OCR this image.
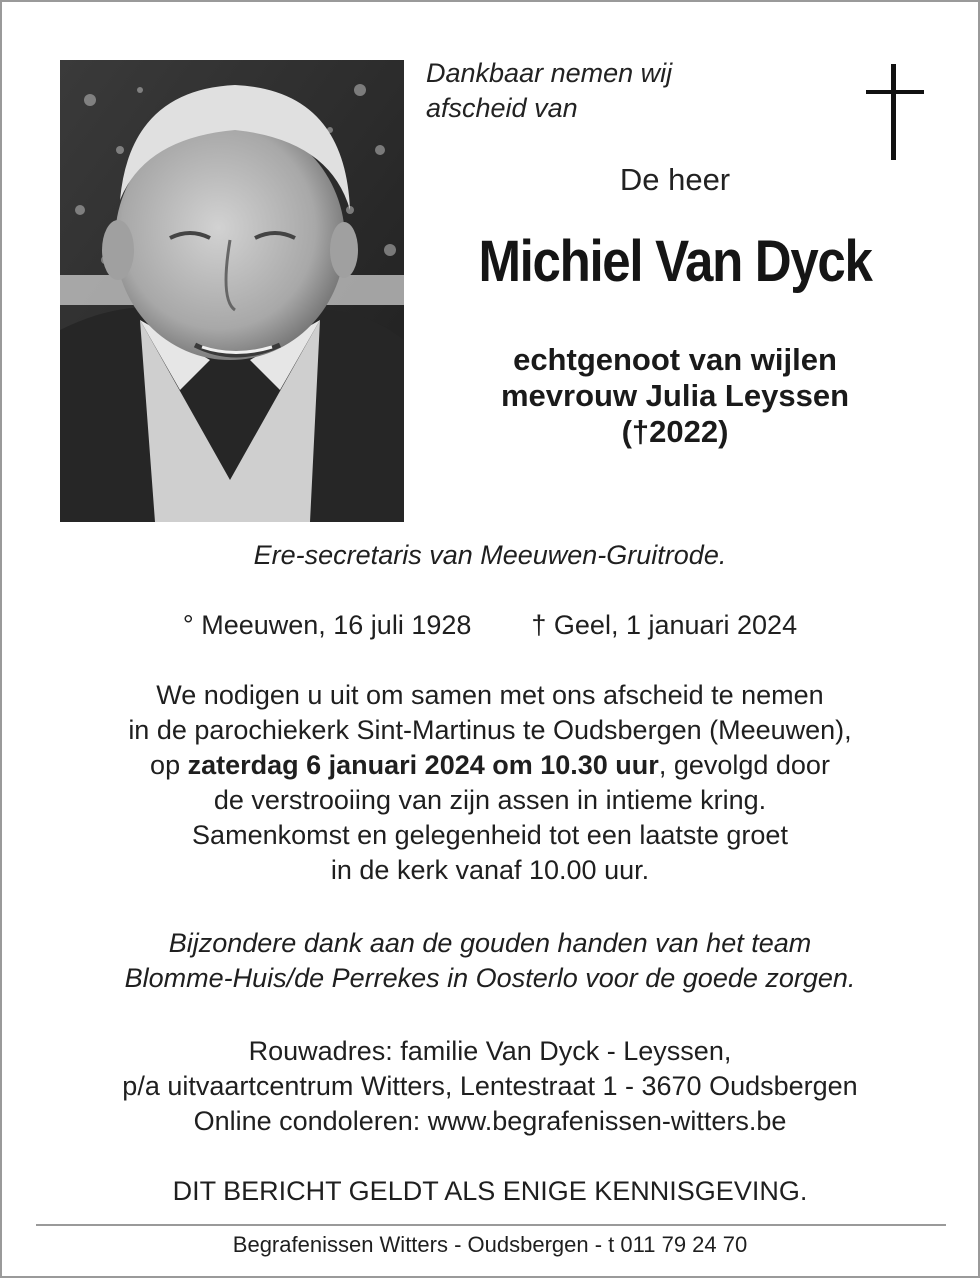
Dankbaar nemen wij
afscheid van
De heer
Michiel Van Dyck
echtgenoot van wijlen
mevrouw Julia Leyssen
(†2022)
Ere-secretaris van Meeuwen-Gruitrode.
° Meeuwen, 16 juli 1928 † Geel, 1 januari 2024
We nodigen u uit om samen met ons afscheid te nemen
in de parochiekerk Sint-Martinus te Oudsbergen (Meeuwen),
op zaterdag 6 januari 2024 om 10.30 uur, gevolgd door
de verstrooiing van zijn assen in intieme kring.
Samenkomst en gelegenheid tot een laatste groet
in de kerk vanaf 10.00 uur.
Bijzondere dank aan de gouden handen van het team
Blomme-Huis/de Perrekes in Oosterlo voor de goede zorgen.
Rouwadres: familie Van Dyck - Leyssen,
p/a uitvaartcentrum Witters, Lentestraat 1 - 3670 Oudsbergen
Online condoleren: www.begrafenissen-witters.be
DIT BERICHT GELDT ALS ENIGE KENNISGEVING.
Begrafenissen Witters - Oudsbergen - t 011 79 24 70
